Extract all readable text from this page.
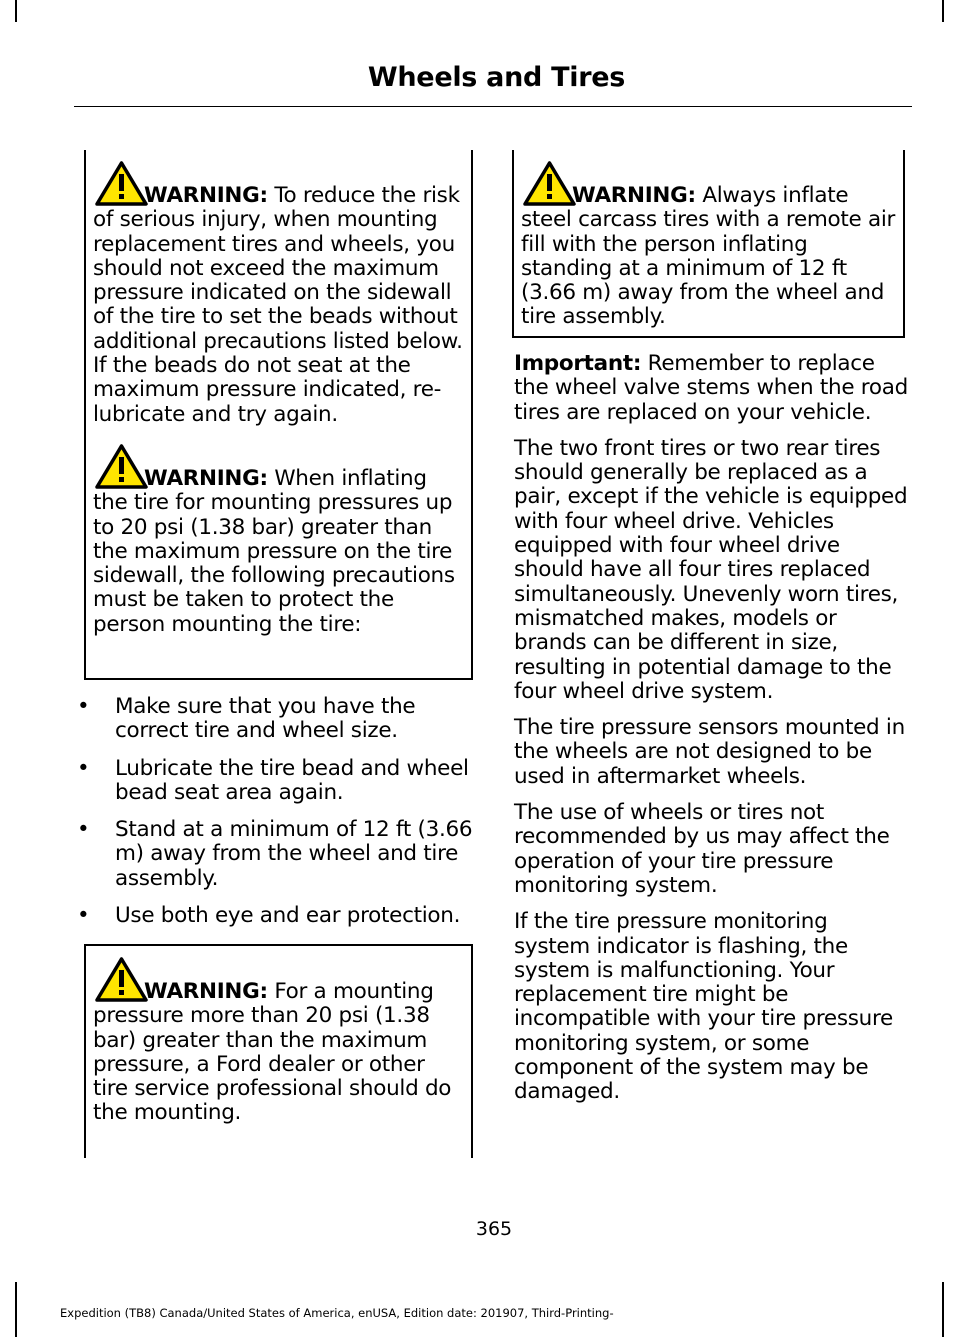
Wheels and Tires

WARNING: To reduce the risk of serious injury, when mounting replacement tires and wheels, you should not exceed the maximum pressure indicated on the sidewall of the tire to set the beads without additional precautions listed below. If the beads do not seat at the maximum pressure indicated, re-lubricate and try again.

WARNING: When inflating the tire for mounting pressures up to 20 psi (1.38 bar) greater than the maximum pressure on the tire sidewall, the following precautions must be taken to protect the person mounting the tire:

• Make sure that you have the correct tire and wheel size.
• Lubricate the tire bead and wheel bead seat area again.
• Stand at a minimum of 12 ft (3.66 m) away from the wheel and tire assembly.
• Use both eye and ear protection.

WARNING: For a mounting pressure more than 20 psi (1.38 bar) greater than the maximum pressure, a Ford dealer or other tire service professional should do the mounting.

WARNING: Always inflate steel carcass tires with a remote air fill with the person inflating standing at a minimum of 12 ft (3.66 m) away from the wheel and tire assembly.

Important: Remember to replace the wheel valve stems when the road tires are replaced on your vehicle.

The two front tires or two rear tires should generally be replaced as a pair, except if the vehicle is equipped with four wheel drive. Vehicles equipped with four wheel drive should have all four tires replaced simultaneously. Unevenly worn tires, mismatched makes, models or brands can be different in size, resulting in potential damage to the four wheel drive system.

The tire pressure sensors mounted in the wheels are not designed to be used in aftermarket wheels.

The use of wheels or tires not recommended by us may affect the operation of your tire pressure monitoring system.

If the tire pressure monitoring system indicator is flashing, the system is malfunctioning. Your replacement tire might be incompatible with your tire pressure monitoring system, or some component of the system may be damaged.

365
Expedition (TB8) Canada/United States of America, enUSA, Edition date: 201907, Third-Printing-
